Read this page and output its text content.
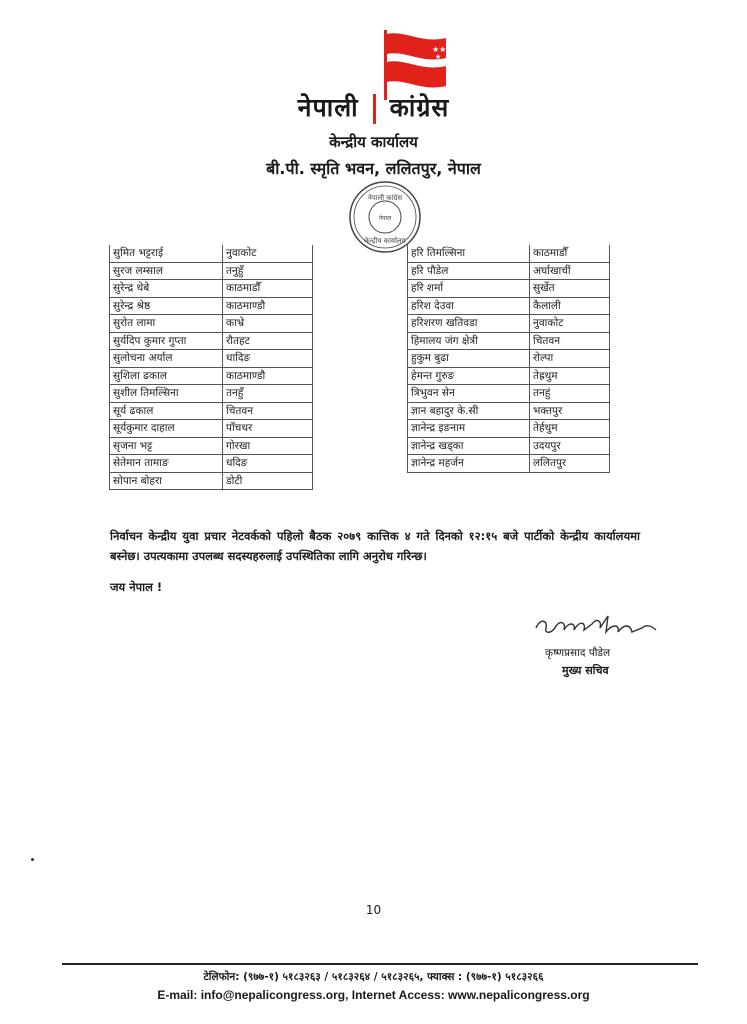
★★
★
नेपाली कांग्रेस
केन्द्रीय कार्यालय
बी.पी. स्मृति भवन, ललितपुर, नेपाल
नेपाली कांग्रेस
नेपाल
केन्द्रीय कार्यालय
सुमित भट्टराई	नुवाकोट
सुरज लम्साल	तनुहुँ
सुरेन्द्र थेबे	काठमाडौँ
सुरेन्द्र श्रेष्ठ	काठमाण्डौ
सुरोत लामा	काभ्रे
सुर्यदिप कुमार गुप्ता	रौतहट
सुलोचना अर्याल	धादिङ
सुशिला ढकाल	काठमाण्डौ
सुशील तिमल्सिना	तनहुँ
सूर्य ढकाल	चितवन
सूर्यकुमार दाहाल	पाँचथर
सृजना भट्ट	गोरखा
सेतेमान तामाङ	धदिङ
सोपान बोहरा	डोटी
हरि तिमल्सिना	काठमाडौँ
हरि पौडेल	अर्घाखाचीं
हरि शर्मा	सुर्खेत
हरिश देउवा	कैलाली
हरिशरण खतिवडा	नुवाकोट
हिमालय जंग क्षेत्री	चितवन
हुकुम बुढा	रोल्पा
हेमन्त गुरुङ	तेह्रथुम
त्रिभुवन सेन	तनहुं
ज्ञान बहादुर के.सी	भक्तपुर
ज्ञानेन्द्र इङनाम	तेर्हथुम
ज्ञानेन्द्र खड्का	उदयपुर
ज्ञानेन्द्र महर्जन	ललितपुर
निर्वाचन केन्द्रीय युवा प्रचार नेटवर्कको पहिलो बैठक २०७९ कात्तिक ४ गते दिनको १२:१५ बजे पार्टीको केन्द्रीय कार्यालयमा बस्नेछ। उपत्यकामा उपलब्ध सदस्यहरुलाई उपस्थितिका लागि अनुरोध गरिन्छ।
जय नेपाल !
कृष्णप्रसाद पौडेल
मुख्य सचिव
10
टेलिफोन: (९७७-१) ५१८३२६३ / ५१८३२६४ / ५१८३२६५, फ्याक्स : (९७७-१) ५१८३२६६
E-mail: info@nepalicongress.org, Internet Access: www.nepalicongress.org
